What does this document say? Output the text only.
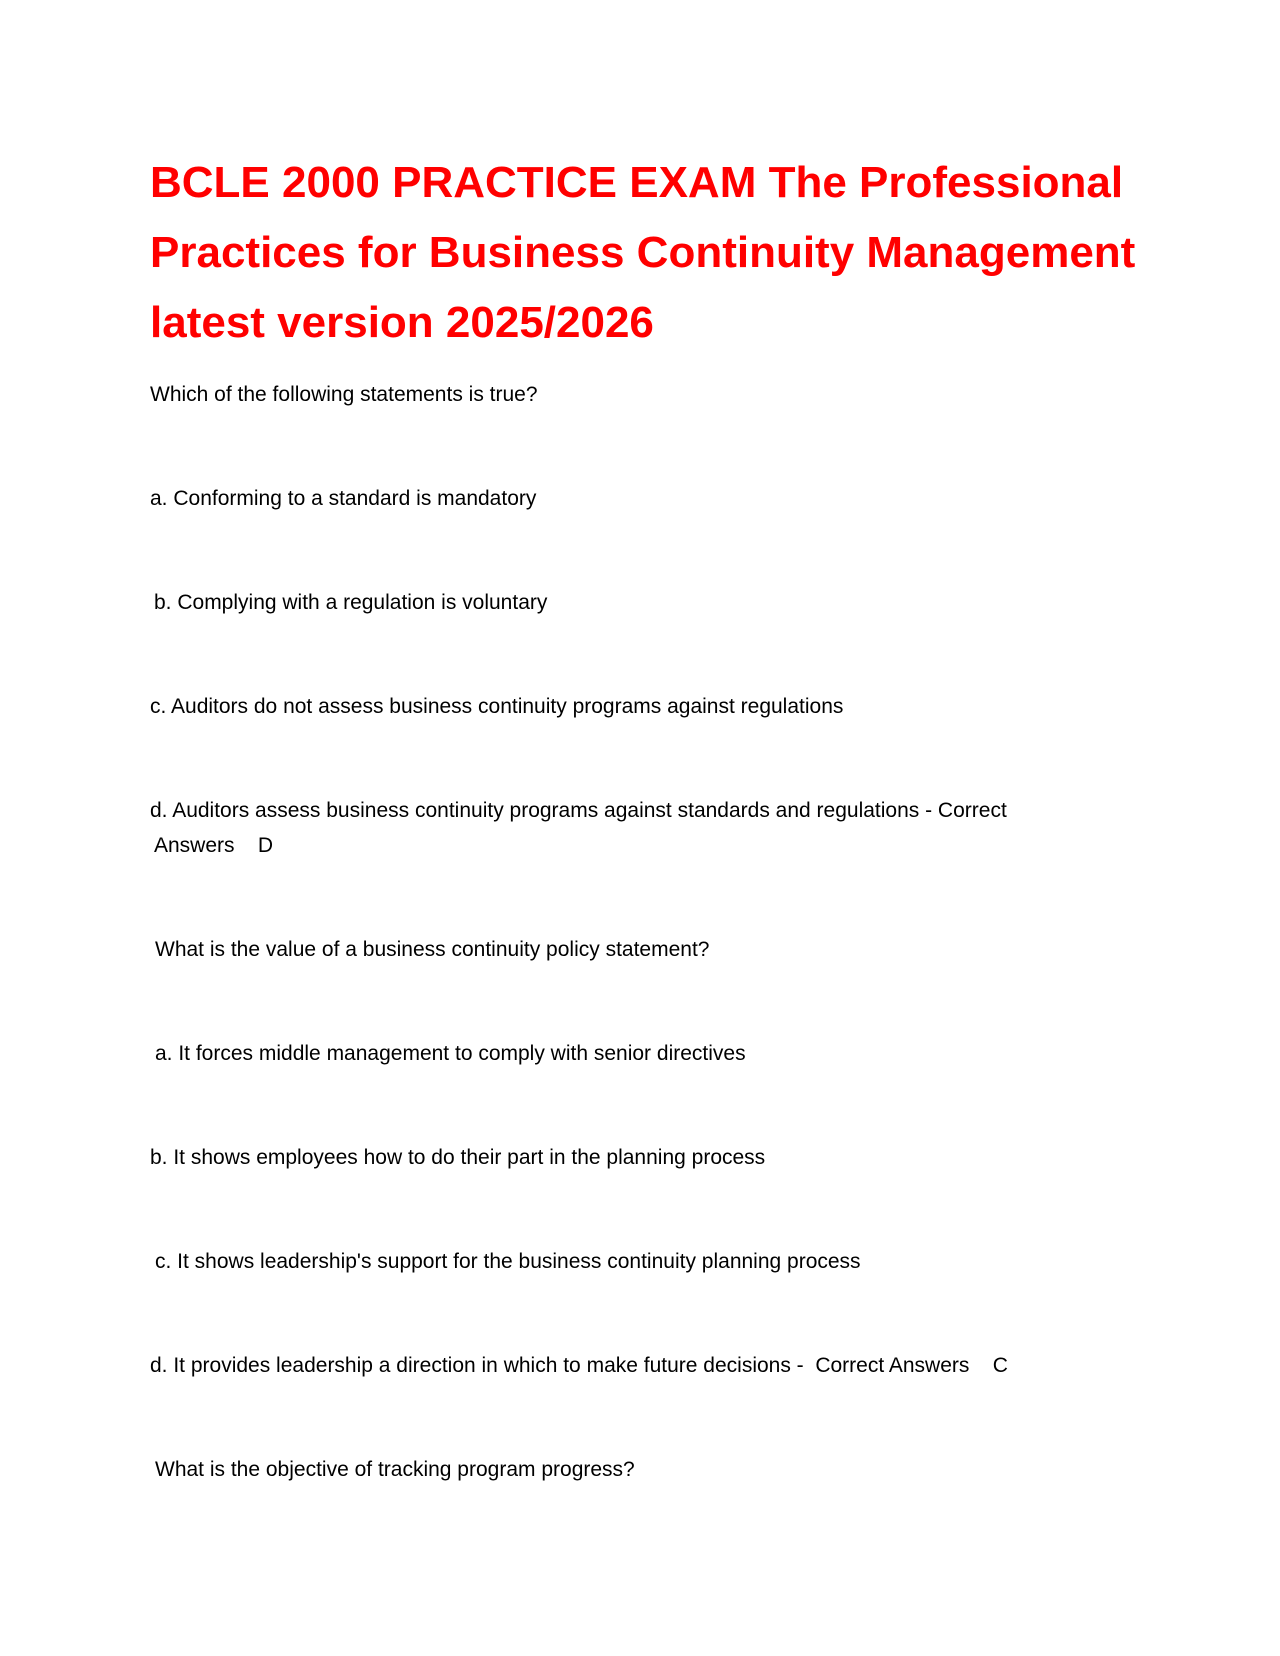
BCLE 2000 PRACTICE EXAM The Professional Practices for Business Continuity Management latest version 2025/2026

Which of the following statements is true?

a. Conforming to a standard is mandatory

b. Complying with a regulation is voluntary

c. Auditors do not assess business continuity programs against regulations

d. Auditors assess business continuity programs against standards and regulations - Correct

Answers    D

What is the value of a business continuity policy statement?

a. It forces middle management to comply with senior directives

b. It shows employees how to do their part in the planning process

c. It shows leadership's support for the business continuity planning process

d. It provides leadership a direction in which to make future decisions -  Correct Answers    C

What is the objective of tracking program progress?
